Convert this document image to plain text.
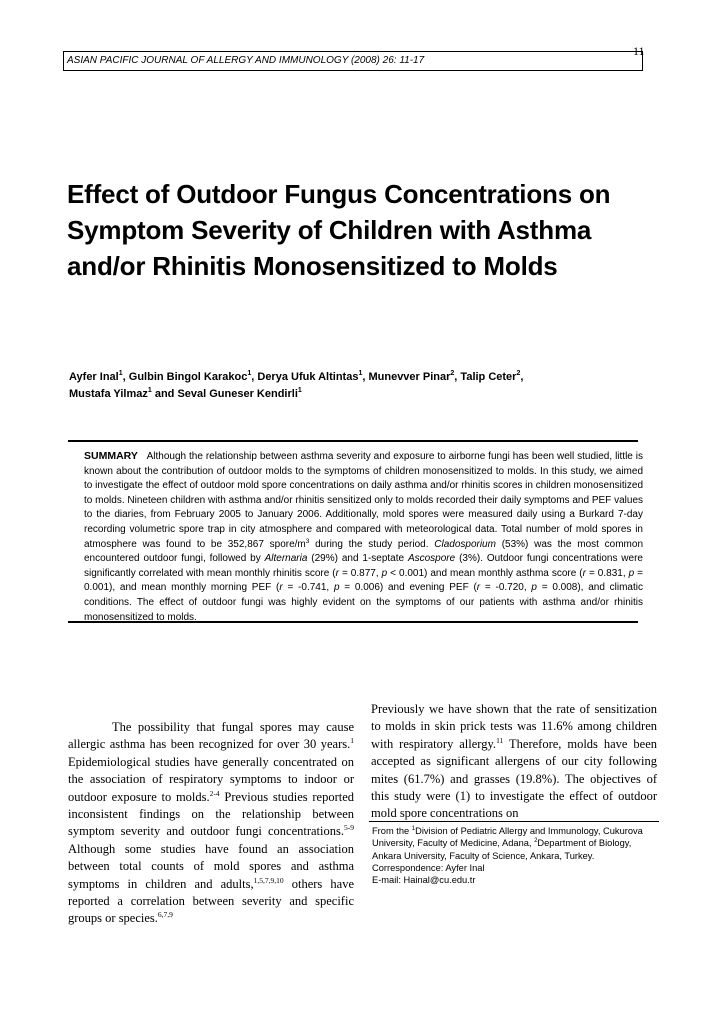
11
ASIAN PACIFIC JOURNAL OF ALLERGY AND IMMUNOLOGY (2008) 26: 11-17
Effect of Outdoor Fungus Concentrations on Symptom Severity of Children with Asthma and/or Rhinitis Monosensitized to Molds
Ayfer Inal$^1$, Gulbin Bingol Karakoc$^1$, Derya Ufuk Altintas$^1$, Munevver Pinar$^2$, Talip Ceter$^2$,
Mustafa Yilmaz$^1$ and Seval Guneser Kendirli$^1$
SUMMARY Although the relationship between asthma severity and exposure to airborne fungi has been well studied, little is known about the contribution of outdoor molds to the symptoms of children monosensitized to molds. In this study, we aimed to investigate the effect of outdoor mold spore concentrations on daily asthma and/or rhinitis scores in children monosensitized to molds. Nineteen children with asthma and/or rhinitis sensitized only to molds recorded their daily symptoms and PEF values to the diaries, from February 2005 to January 2006. Additionally, mold spores were measured daily using a Burkard 7-day recording volumetric spore trap in city atmosphere and compared with meteorological data. Total number of mold spores in atmosphere was found to be 352,867 spore/$m^3$ during the study period. Cladosporium (53%) was the most common encountered outdoor fungi, followed by Alternaria (29%) and 1-septate Ascospore (3%). Outdoor fungi concentrations were significantly correlated with mean monthly rhinitis score (r = 0.877, p < 0.001) and mean monthly asthma score (r = 0.831, p = 0.001), and mean monthly morning PEF (r = -0.741, p = 0.006) and evening PEF (r = -0.720, p = 0.008), and climatic conditions. The effect of outdoor fungi was highly evident on the symptoms of our patients with asthma and/or rhinitis monosensitized to molds.
The possibility that fungal spores may cause allergic asthma has been recognized for over 30 years.$^1$ Epidemiological studies have generally concentrated on the association of respiratory symptoms to indoor or outdoor exposure to molds.$^{2-4}$ Previous studies reported inconsistent findings on the relationship between symptom severity and outdoor fungi concentrations.$^{5-9}$ Although some studies have found an association between total counts of mold spores and asthma symptoms in children and adults,$^{1,5,7,9,10}$ others have reported a correlation between severity and specific groups or species.$^{6,7,9}$
Previously we have shown that the rate of sensitization to molds in skin prick tests was 11.6% among children with respiratory allergy.$^{11}$ Therefore, molds have been accepted as significant allergens of our city following mites (61.7%) and grasses (19.8%). The objectives of this study were (1) to investigate the effect of outdoor mold spore concentrations on
From the $^1$Division of Pediatric Allergy and Immunology, Cukurova University, Faculty of Medicine, Adana, $^2$Department of Biology, Ankara University, Faculty of Science, Ankara, Turkey.
Correspondence: Ayfer Inal
E-mail: Hainal@cu.edu.tr
